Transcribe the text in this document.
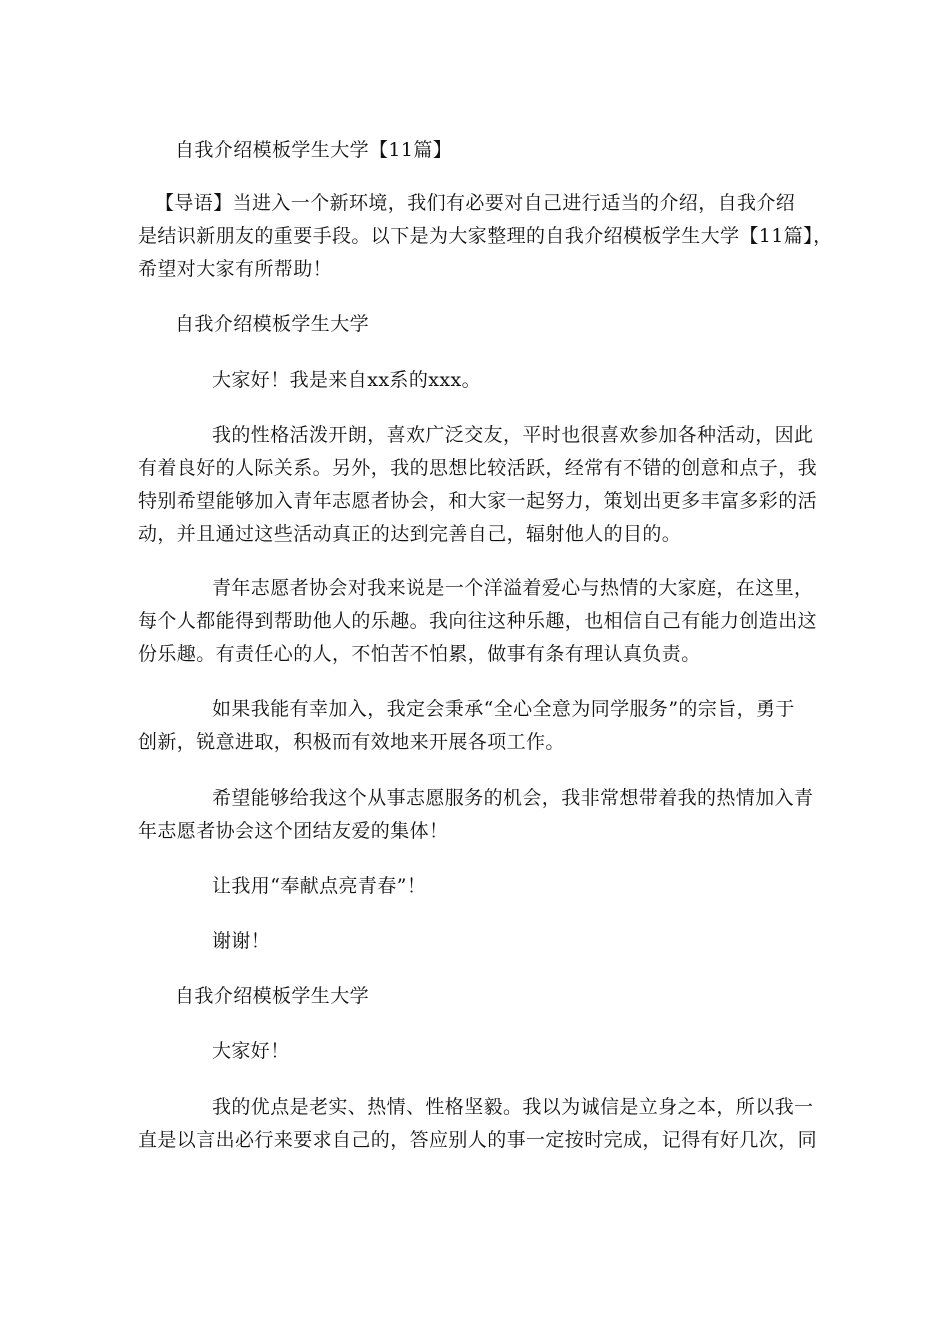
自我介绍模板学生大学【11篇】
【导语】当进入一个新环境，我们有必要对自己进行适当的介绍，自我介绍
是结识新朋友的重要手段。以下是为大家整理的自我介绍模板学生大学【11篇】，
希望对大家有所帮助！
自我介绍模板学生大学
大家好！我是来自xx系的xxx。
我的性格活泼开朗，喜欢广泛交友，平时也很喜欢参加各种活动，因此
有着良好的人际关系。另外，我的思想比较活跃，经常有不错的创意和点子，我
特别希望能够加入青年志愿者协会，和大家一起努力，策划出更多丰富多彩的活
动，并且通过这些活动真正的达到完善自己，辐射他人的目的。
青年志愿者协会对我来说是一个洋溢着爱心与热情的大家庭，在这里，
每个人都能得到帮助他人的乐趣。我向往这种乐趣，也相信自己有能力创造出这
份乐趣。有责任心的人，不怕苦不怕累，做事有条有理认真负责。
如果我能有幸加入，我定会秉承“全心全意为同学服务”的宗旨，勇于
创新，锐意进取，积极而有效地来开展各项工作。
希望能够给我这个从事志愿服务的机会，我非常想带着我的热情加入青
年志愿者协会这个团结友爱的集体！
让我用“奉献点亮青春”！
谢谢！
自我介绍模板学生大学
大家好！
我的优点是老实、热情、性格坚毅。我以为诚信是立身之本，所以我一
直是以言出必行来要求自己的，答应别人的事一定按时完成，记得有好几次，同
